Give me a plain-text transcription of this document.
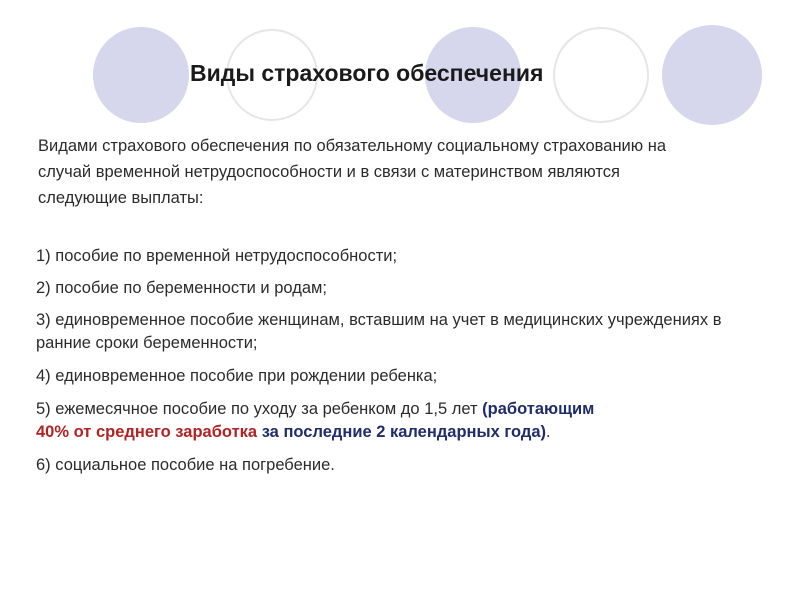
Виды страхового обеспечения

Видами страхового обеспечения по обязательному социальному страхованию на случай временной нетрудоспособности и в связи с материнством являются следующие выплаты:

1) пособие по временной нетрудоспособности;
2) пособие по беременности и родам;
3) единовременное пособие женщинам, вставшим на учет в медицинских учреждениях в ранние сроки беременности;
4) единовременное пособие при рождении ребенка;
5) ежемесячное пособие по уходу за ребенком до 1,5 лет (работающим
40% от среднего заработка за последние 2 календарных года).
6) социальное пособие на погребение.
